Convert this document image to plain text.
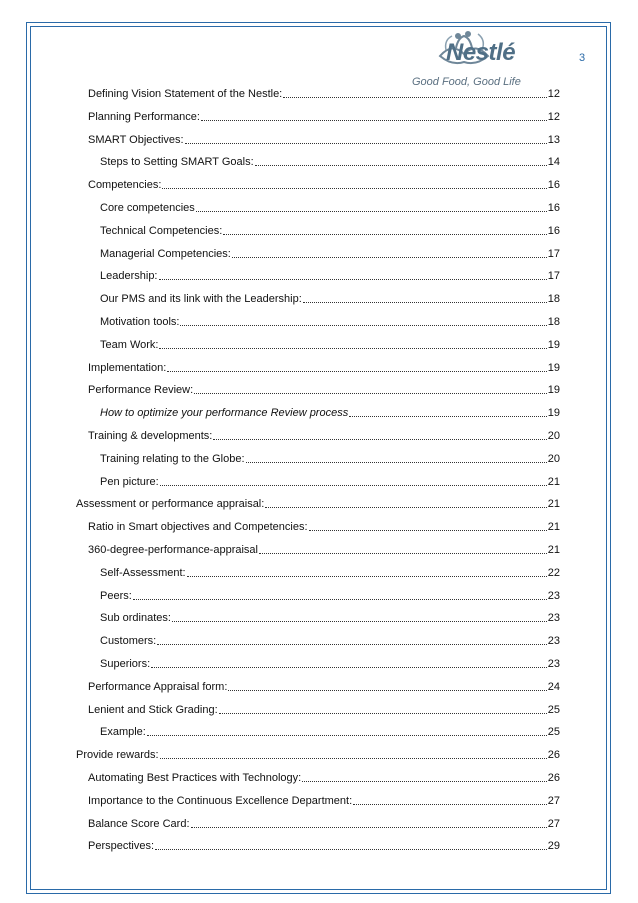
3
Nestlé
Good Food, Good Life
Defining Vision Statement of the Nestle:	12
Planning Performance:	12
SMART Objectives:	13
Steps to Setting SMART Goals:	14
Competencies:	16
Core competencies	16
Technical Competencies:	16
Managerial Competencies:	17
Leadership:	17
Our PMS and its link with the Leadership:	18
Motivation tools:	18
Team Work:	19
Implementation:	19
Performance Review:	19
How to optimize your performance Review process	19
Training & developments:	20
Training relating to the Globe:	20
Pen picture:	21
Assessment or performance appraisal:	21
Ratio in Smart objectives and Competencies:	21
360-degree-performance-appraisal	21
Self-Assessment:	22
Peers:	23
Sub ordinates:	23
Customers:	23
Superiors:	23
Performance Appraisal form:	24
Lenient and Stick Grading:	25
Example:	25
Provide rewards:	26
Automating Best Practices with Technology:	26
Importance to the Continuous Excellence Department:	27
Balance Score Card:	27
Perspectives:	29
